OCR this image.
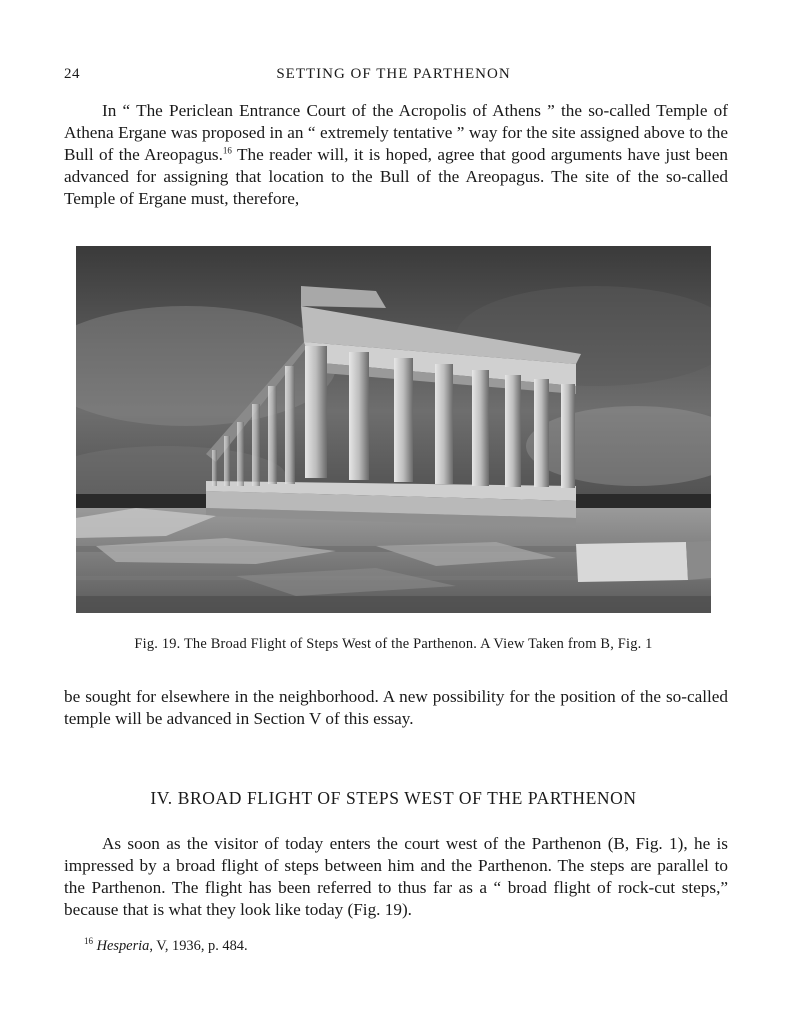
24	SETTING OF THE PARTHENON
In “ The Periclean Entrance Court of the Acropolis of Athens ” the so-called Temple of Athena Ergane was proposed in an “ extremely tentative ” way for the site assigned above to the Bull of the Areopagus.$^{16}$ The reader will, it is hoped, agree that good arguments have just been advanced for assigning that location to the Bull of the Areopagus. The site of the so-called Temple of Ergane must, therefore,
Fig. 19. The Broad Flight of Steps West of the Parthenon. A View Taken from B, Fig. 1
be sought for elsewhere in the neighborhood. A new possibility for the position of the so-called temple will be advanced in Section V of this essay.
IV. BROAD FLIGHT OF STEPS WEST OF THE PARTHENON
As soon as the visitor of today enters the court west of the Parthenon (B, Fig. 1), he is impressed by a broad flight of steps between him and the Parthenon. The steps are parallel to the Parthenon. The flight has been referred to thus far as a “ broad flight of rock-cut steps,” because that is what they look like today (Fig. 19).
$^{16}$ Hesperia, V, 1936, p. 484.
